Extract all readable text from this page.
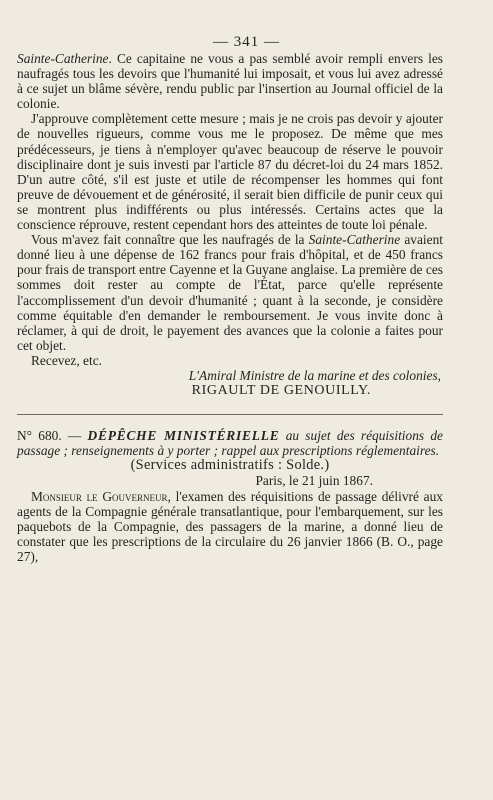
— 341 —

Sainte-Catherine. Ce capitaine ne vous a pas semblé avoir rempli envers les naufragés tous les devoirs que l'humanité lui imposait, et vous lui avez adressé à ce sujet un blâme sévère, rendu public par l'insertion au Journal officiel de la colonie.

J'approuve complètement cette mesure ; mais je ne crois pas devoir y ajouter de nouvelles rigueurs, comme vous me le proposez. De même que mes prédécesseurs, je tiens à n'employer qu'avec beaucoup de réserve le pouvoir disciplinaire dont je suis investi par l'article 87 du décret-loi du 24 mars 1852. D'un autre côté, s'il est juste et utile de récompenser les hommes qui font preuve de dévouement et de générosité, il serait bien difficile de punir ceux qui se montrent plus indifférents ou plus intéressés. Certains actes que la conscience réprouve, restent cependant hors des atteintes de toute loi pénale.

Vous m'avez fait connaître que les naufragés de la Sainte-Catherine avaient donné lieu à une dépense de 162 francs pour frais d'hôpital, et de 450 francs pour frais de transport entre Cayenne et la Guyane anglaise. La première de ces sommes doit rester au compte de l'État, parce qu'elle représente l'accomplissement d'un devoir d'humanité ; quant à la seconde, je considère comme équitable d'en demander le remboursement. Je vous invite donc à réclamer, à qui de droit, le payement des avances que la colonie a faites pour cet objet.

Recevez, etc.

L'Amiral Ministre de la marine et des colonies,

RIGAULT DE GENOUILLY.

N° 680. — DÉPÊCHE MINISTÉRIELLE au sujet des réquisitions de passage ; renseignements à y porter ; rappel aux prescriptions réglementaires.

(Services administratifs : Solde.)

Paris, le 21 juin 1867.

Monsieur le Gouverneur, l'examen des réquisitions de passage délivré aux agents de la Compagnie générale transatlantique, pour l'embarquement, sur les paquebots de la Compagnie, des passagers de la marine, a donné lieu de constater que les prescriptions de la circulaire du 26 janvier 1866 (B. O., page 27),
